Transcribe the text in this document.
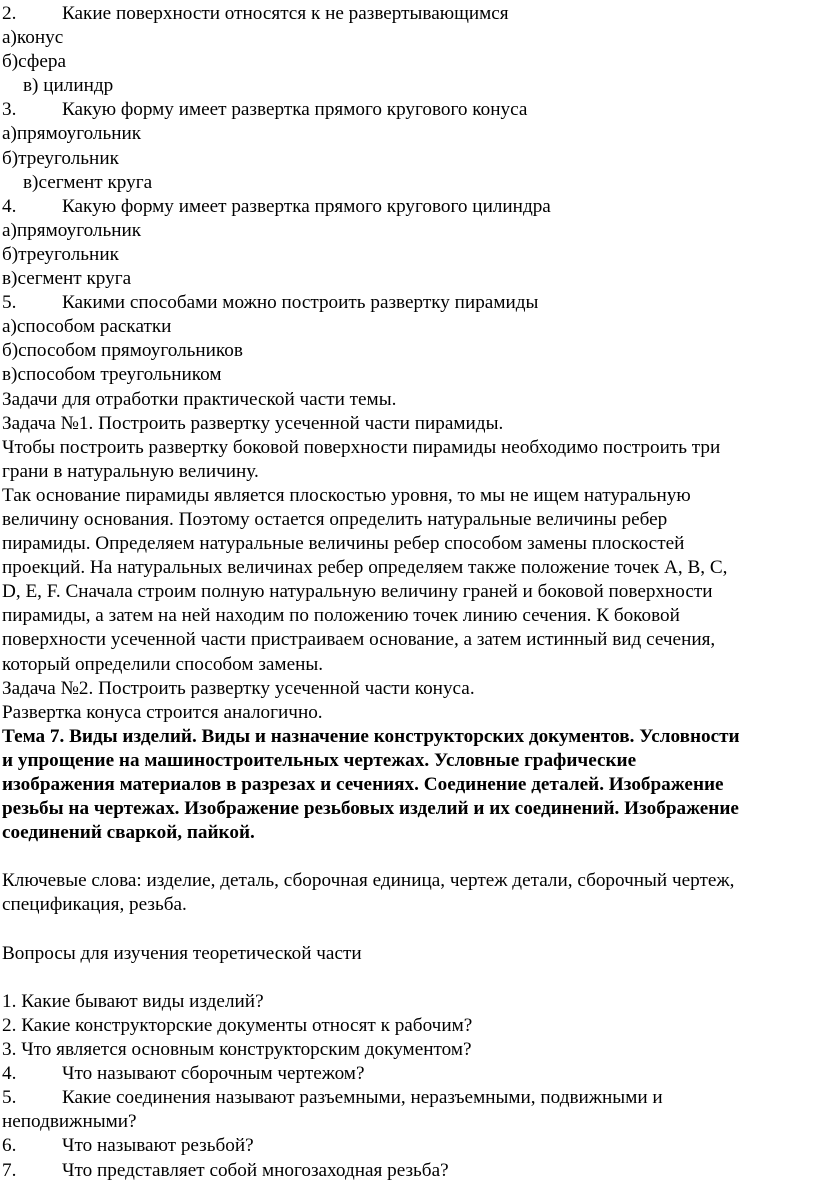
2. Какие поверхности относятся к не развертывающимся
а)конус
б)сфера
в) цилиндр
3. Какую форму имеет развертка прямого кругового конуса
а)прямоугольник
б)треугольник
в)сегмент круга
4. Какую форму имеет развертка прямого кругового цилиндра
а)прямоугольник
б)треугольник
в)сегмент круга
5. Какими способами можно построить развертку пирамиды
а)способом раскатки
б)способом прямоугольников
в)способом треугольником
Задачи для отработки практической части темы.
Задача №1. Построить развертку усеченной части пирамиды.
Чтобы построить развертку боковой поверхности пирамиды необходимо построить три
грани в натуральную величину.
Так основание пирамиды является плоскостью уровня, то мы не ищем натуральную
величину основания. Поэтому остается определить натуральные величины ребер
пирамиды. Определяем натуральные величины ребер способом замены плоскостей
проекций. На натуральных величинах ребер определяем также положение точек А, В, С,
D, E, F. Сначала строим полную натуральную величину граней и боковой поверхности
пирамиды, а затем на ней находим по положению точек линию сечения. К боковой
поверхности усеченной части пристраиваем основание, а затем истинный вид сечения,
который определили способом замены.
Задача №2. Построить развертку усеченной части конуса.
Развертка конуса строится аналогично.
Тема 7. Виды изделий. Виды и назначение конструкторских документов. Условности
и упрощение на машиностроительных чертежах. Условные графические
изображения материалов в разрезах и сечениях. Соединение деталей. Изображение
резьбы на чертежах. Изображение резьбовых изделий и их соединений. Изображение
соединений сваркой, пайкой.
Ключевые слова: изделие, деталь, сборочная единица, чертеж детали, сборочный чертеж,
спецификация, резьба.
Вопросы для изучения теоретической части
1. Какие бывают виды изделий?
2. Какие конструкторские документы относят к рабочим?
3. Что является основным конструкторским документом?
4. Что называют сборочным чертежом?
5. Какие соединения называют разъемными, неразъемными, подвижными и
неподвижными?
6. Что называют резьбой?
7. Что представляет собой многозаходная резьба?
